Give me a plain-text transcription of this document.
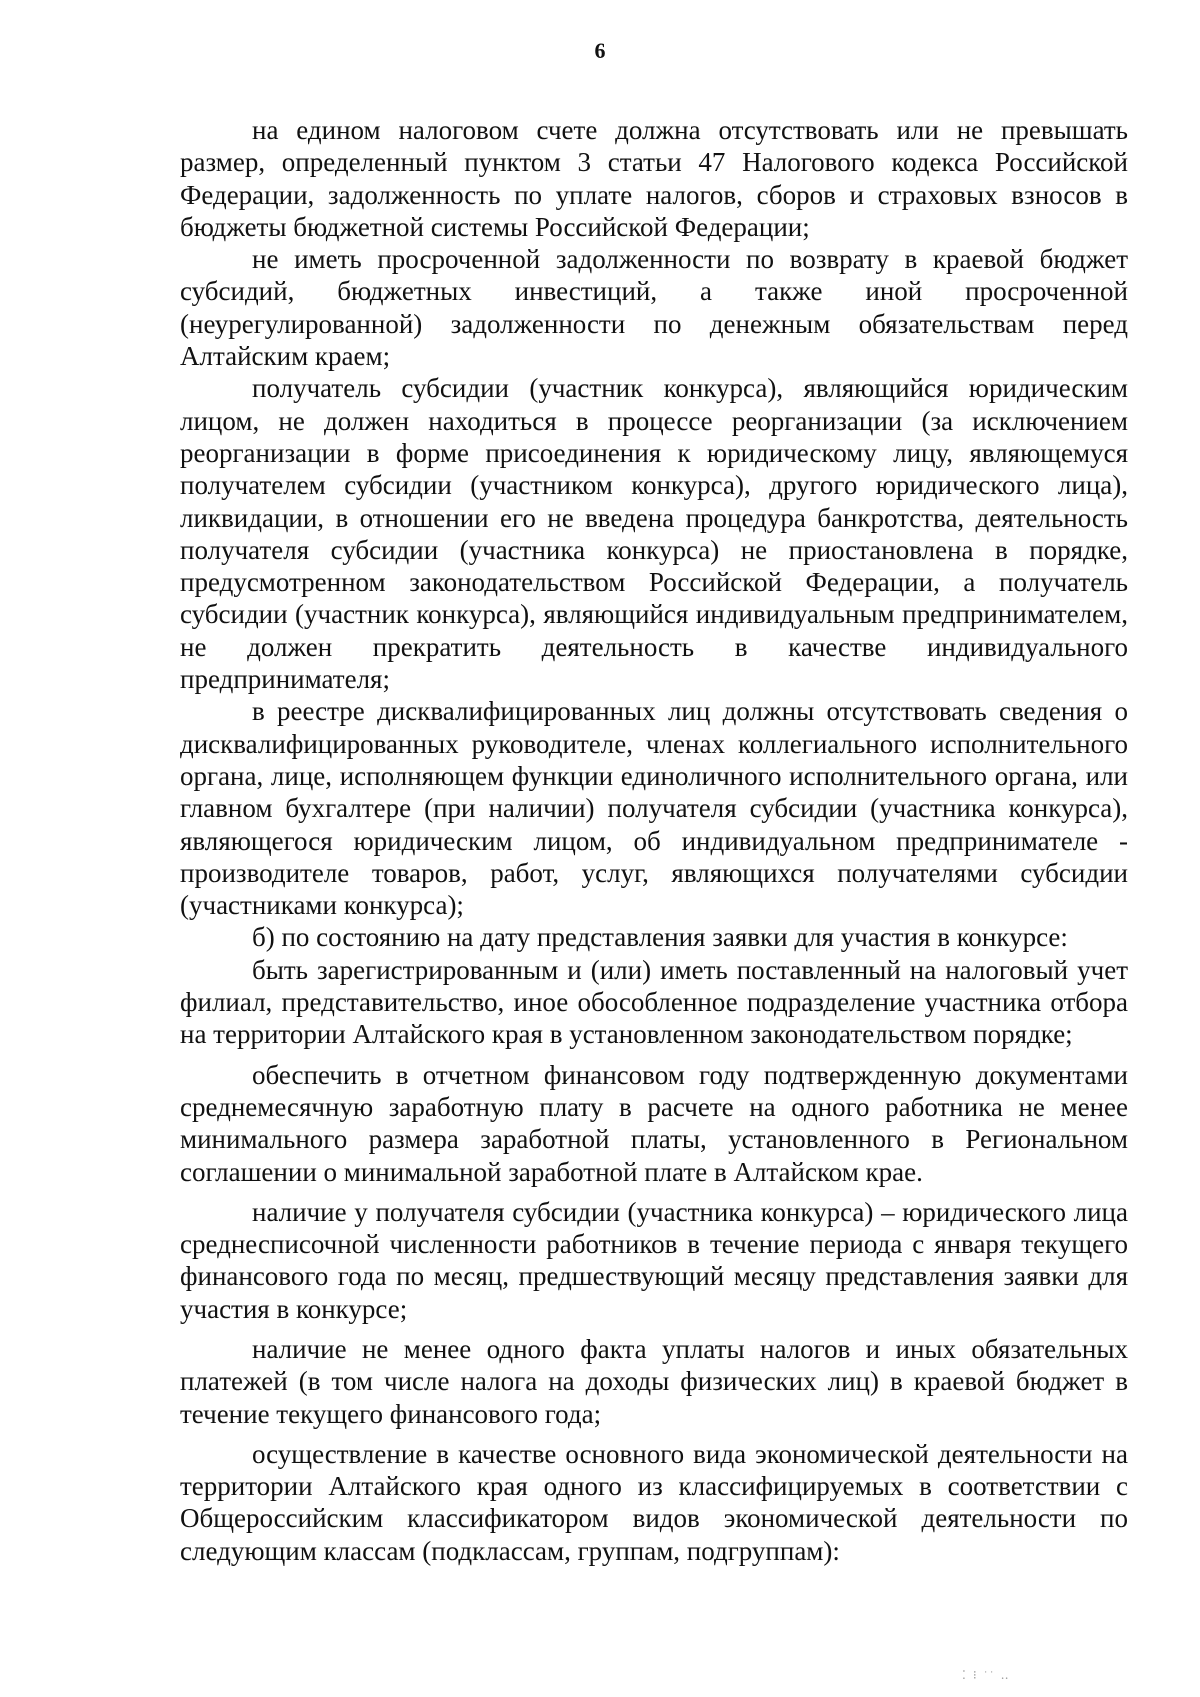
6

на едином налоговом счете должна отсутствовать или не превышать размер, определенный пунктом 3 статьи 47 Налогового кодекса Российской Федерации, задолженность по уплате налогов, сборов и страховых взносов в бюджеты бюджетной системы Российской Федерации;

не иметь просроченной задолженности по возврату в краевой бюджет субсидий, бюджетных инвестиций, а также иной просроченной (неурегулированной) задолженности по денежным обязательствам перед Алтайским краем;

получатель субсидии (участник конкурса), являющийся юридическим лицом, не должен находиться в процессе реорганизации (за исключением реорганизации в форме присоединения к юридическому лицу, являющемуся получателем субсидии (участником конкурса), другого юридического лица), ликвидации, в отношении его не введена процедура банкротства, деятельность получателя субсидии (участника конкурса) не приостановлена в порядке, предусмотренном законодательством Российской Федерации, а получатель субсидии (участник конкурса), являющийся индивидуальным предпринимателем, не должен прекратить деятельность в качестве индивидуального предпринимателя;

в реестре дисквалифицированных лиц должны отсутствовать сведения о дисквалифицированных руководителе, членах коллегиального исполнительного органа, лице, исполняющем функции единоличного исполнительного органа, или главном бухгалтере (при наличии) получателя субсидии (участника конкурса), являющегося юридическим лицом, об индивидуальном предпринимателе - производителе товаров, работ, услуг, являющихся получателями субсидии (участниками конкурса);

б) по состоянию на дату представления заявки для участия в конкурсе:

быть зарегистрированным и (или) иметь поставленный на налоговый учет филиал, представительство, иное обособленное подразделение участника отбора на территории Алтайского края в установленном законодательством порядке;

обеспечить в отчетном финансовом году подтвержденную документами среднемесячную заработную плату в расчете на одного работника не менее минимального размера заработной платы, установленного в Региональном соглашении о минимальной заработной плате в Алтайском крае.

наличие у получателя субсидии (участника конкурса) – юридического лица среднесписочной численности работников в течение периода с января текущего финансового года по месяц, предшествующий месяцу представления заявки для участия в конкурсе;

наличие не менее одного факта уплаты налогов и иных обязательных платежей (в том числе налога на доходы физических лиц) в краевой бюджет в течение текущего финансового года;

осуществление в качестве основного вида экономической деятельности на территории Алтайского края одного из классифицируемых в соответствии с Общероссийским классификатором видов экономической деятельности по следующим классам (подклассам, группам, подгруппам):

⁚ ⁝ ˙˙ ‥
